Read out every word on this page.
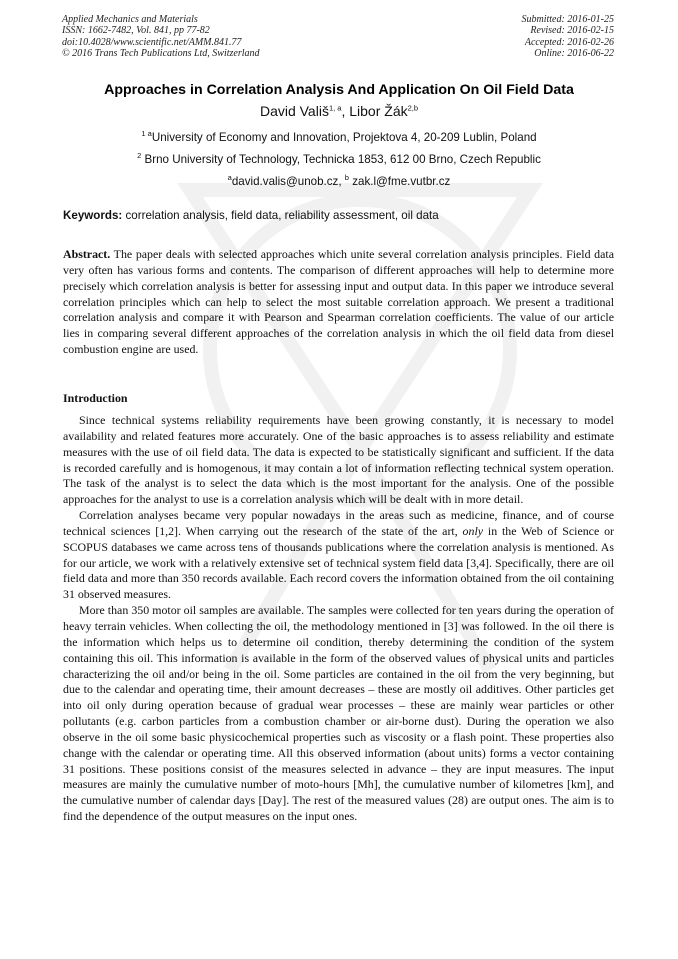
Applied Mechanics and Materials
ISSN: 1662-7482, Vol. 841, pp 77-82
doi:10.4028/www.scientific.net/AMM.841.77
© 2016 Trans Tech Publications Ltd, Switzerland
Submitted: 2016-01-25
Revised: 2016-02-15
Accepted: 2016-02-26
Online: 2016-06-22
Approaches in Correlation Analysis And Application On Oil Field Data
David Vališ$^{1, a}$, Libor Žák$^{2,b}$
$^{1 a}$University of Economy and Innovation, Projektova 4, 20-209 Lublin, Poland
$^2$ Brno University of Technology, Technicka 1853, 612 00 Brno, Czech Republic
$^a$david.valis@unob.cz, $^b$ zak.l@fme.vutbr.cz
Keywords: correlation analysis, field data, reliability assessment, oil data

Abstract. The paper deals with selected approaches which unite several correlation analysis principles. Field data very often has various forms and contents. The comparison of different approaches will help to determine more precisely which correlation analysis is better for assessing input and output data. In this paper we introduce several correlation principles which can help to select the most suitable correlation approach. We present a traditional correlation analysis and compare it with Pearson and Spearman correlation coefficients. The value of our article lies in comparing several different approaches of the correlation analysis in which the oil field data from diesel combustion engine are used.

Introduction

Since technical systems reliability requirements have been growing constantly, it is necessary to model availability and related features more accurately. One of the basic approaches is to assess reliability and estimate measures with the use of oil field data. The data is expected to be statistically significant and sufficient. If the data is recorded carefully and is homogenous, it may contain a lot of information reflecting technical system operation. The task of the analyst is to select the data which is the most important for the analysis. One of the possible approaches for the analyst to use is a correlation analysis which will be dealt with in more detail.

Correlation analyses became very popular nowadays in the areas such as medicine, finance, and of course technical sciences [1,2]. When carrying out the research of the state of the art, only in the Web of Science or SCOPUS databases we came across tens of thousands publications where the correlation analysis is mentioned. As for our article, we work with a relatively extensive set of technical system field data [3,4]. Specifically, there are oil field data and more than 350 records available. Each record covers the information obtained from the oil containing 31 observed measures.

More than 350 motor oil samples are available. The samples were collected for ten years during the operation of heavy terrain vehicles. When collecting the oil, the methodology mentioned in [3] was followed. In the oil there is the information which helps us to determine oil condition, thereby determining the condition of the system containing this oil. This information is available in the form of the observed values of physical units and particles characterizing the oil and/or being in the oil. Some particles are contained in the oil from the very beginning, but due to the calendar and operating time, their amount decreases – these are mostly oil additives. Other particles get into oil only during operation because of gradual wear processes – these are mainly wear particles or other pollutants (e.g. carbon particles from a combustion chamber or air-borne dust). During the operation we also observe in the oil some basic physicochemical properties such as viscosity or a flash point. These properties also change with the calendar or operating time. All this observed information (about units) forms a vector containing 31 positions. These positions consist of the measures selected in advance – they are input measures. The input measures are mainly the cumulative number of moto-hours [Mh], the cumulative number of kilometres [km], and the cumulative number of calendar days [Day]. The rest of the measured values (28) are output ones. The aim is to find the dependence of the output measures on the input ones.
